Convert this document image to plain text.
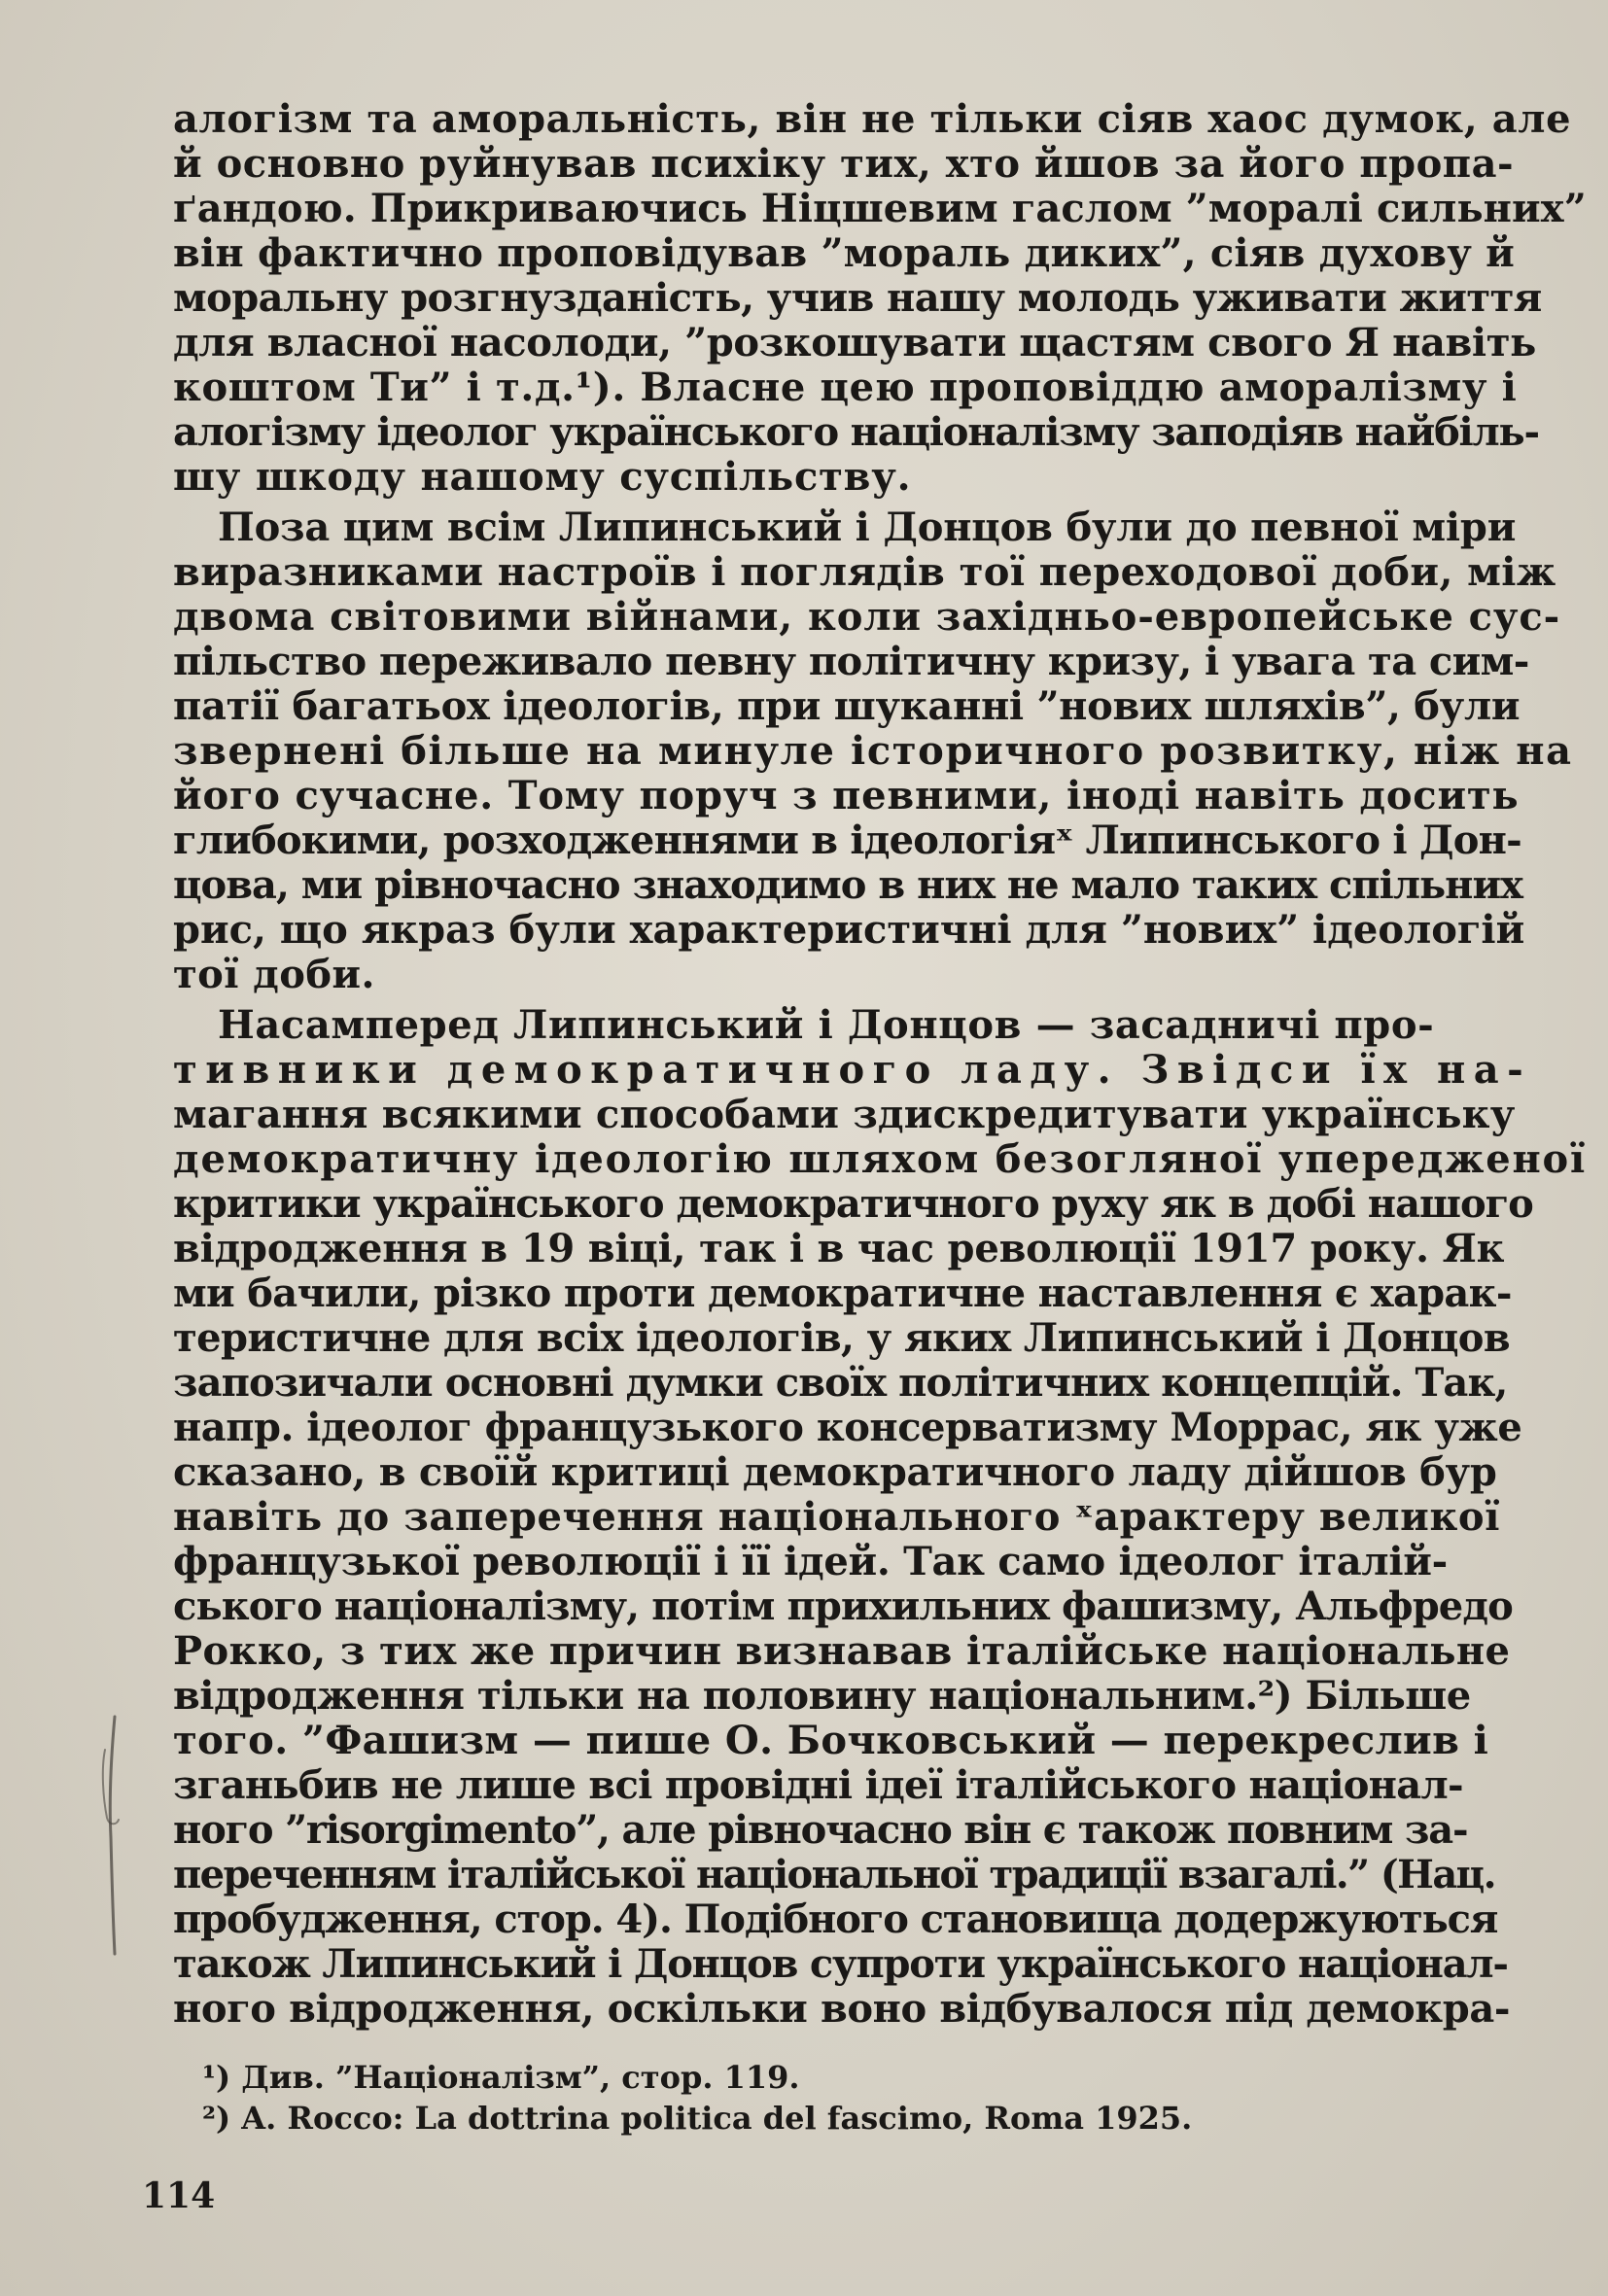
алогізм та аморальність, він не тільки сіяв хаос думок, але
й основно руйнував психіку тих, хто йшов за його пропа-
ґандою. Прикриваючись Ніцшевим гаслом ”моралі сильних”
він фактично проповідував ”мораль диких”, сіяв духову й
моральну розгнузданість, учив нашу молодь уживати життя
для власної насолоди, ”розкошувати щастям свого Я навіть
коштом Ти” і т.д.¹). Власне цею проповіддю аморалізму і
алогізму ідеолог українського націоналізму заподіяв найбіль-
шу шкоду нашому суспільству.
Поза цим всім Липинський і Донцов були до певної міри
виразниками настроїв і поглядів тої переходової доби, між
двома світовими війнами, коли західньо-европейське сус-
пільство переживало певну політичну кризу, і увага та сим-
патії багатьох ідеологів, при шуканні ”нових шляхів”, були
звернені більше на минуле історичного розвитку, ніж на
його сучасне. Тому поруч з певними, іноді навіть досить
глибокими, розходженнями в ідеологіяˣ Липинського і Дон-
цова, ми рівночасно знаходимо в них не мало таких спільних
рис, що якраз були характеристичні для ”нових” ідеологій
тої доби.
Насамперед Липинський і Донцов — засадничі про-
тивники демократичного ладу. Звідси їх на-
магання всякими способами здискредитувати українську
демократичну ідеологію шляхом безогляної упередженої
критики українського демократичного руху як в добі нашого
відродження в 19 віці, так і в час революції 1917 року. Як
ми бачили, різко проти демократичне наставлення є харак-
теристичне для всіх ідеологів, у яких Липинський і Донцов
запозичали основні думки своїх політичних концепцій. Так,
напр. ідеолог французького консерватизму Моррас, як уже
сказано, в своїй критиці демократичного ладу дійшов бур
навіть до заперечення національного ˣарактеру великої
французької революції і її ідей. Так само ідеолог італій-
ського націоналізму, потім прихильних фашизму, Альфредо
Рокко, з тих же причин визнавав італійське національне
відродження тільки на половину національним.²) Більше
того. ”Фашизм — пише О. Бочковський — перекреслив і
зганьбив не лише всі провідні ідеї італійського націонал-
ного ”risorgimento”, але рівночасно він є також повним за-
переченням італійської національної традиції взагалі.” (Нац.
пробудження, стор. 4). Подібного становища додержуються
також Липинський і Донцов супроти українського націонал-
ного відродження, оскільки воно відбувалося під демокра-
¹) Див. ”Націоналізм”, стор. 119.
²) A. Rocco: La dottrina politica del fascimo, Roma 1925.
114
